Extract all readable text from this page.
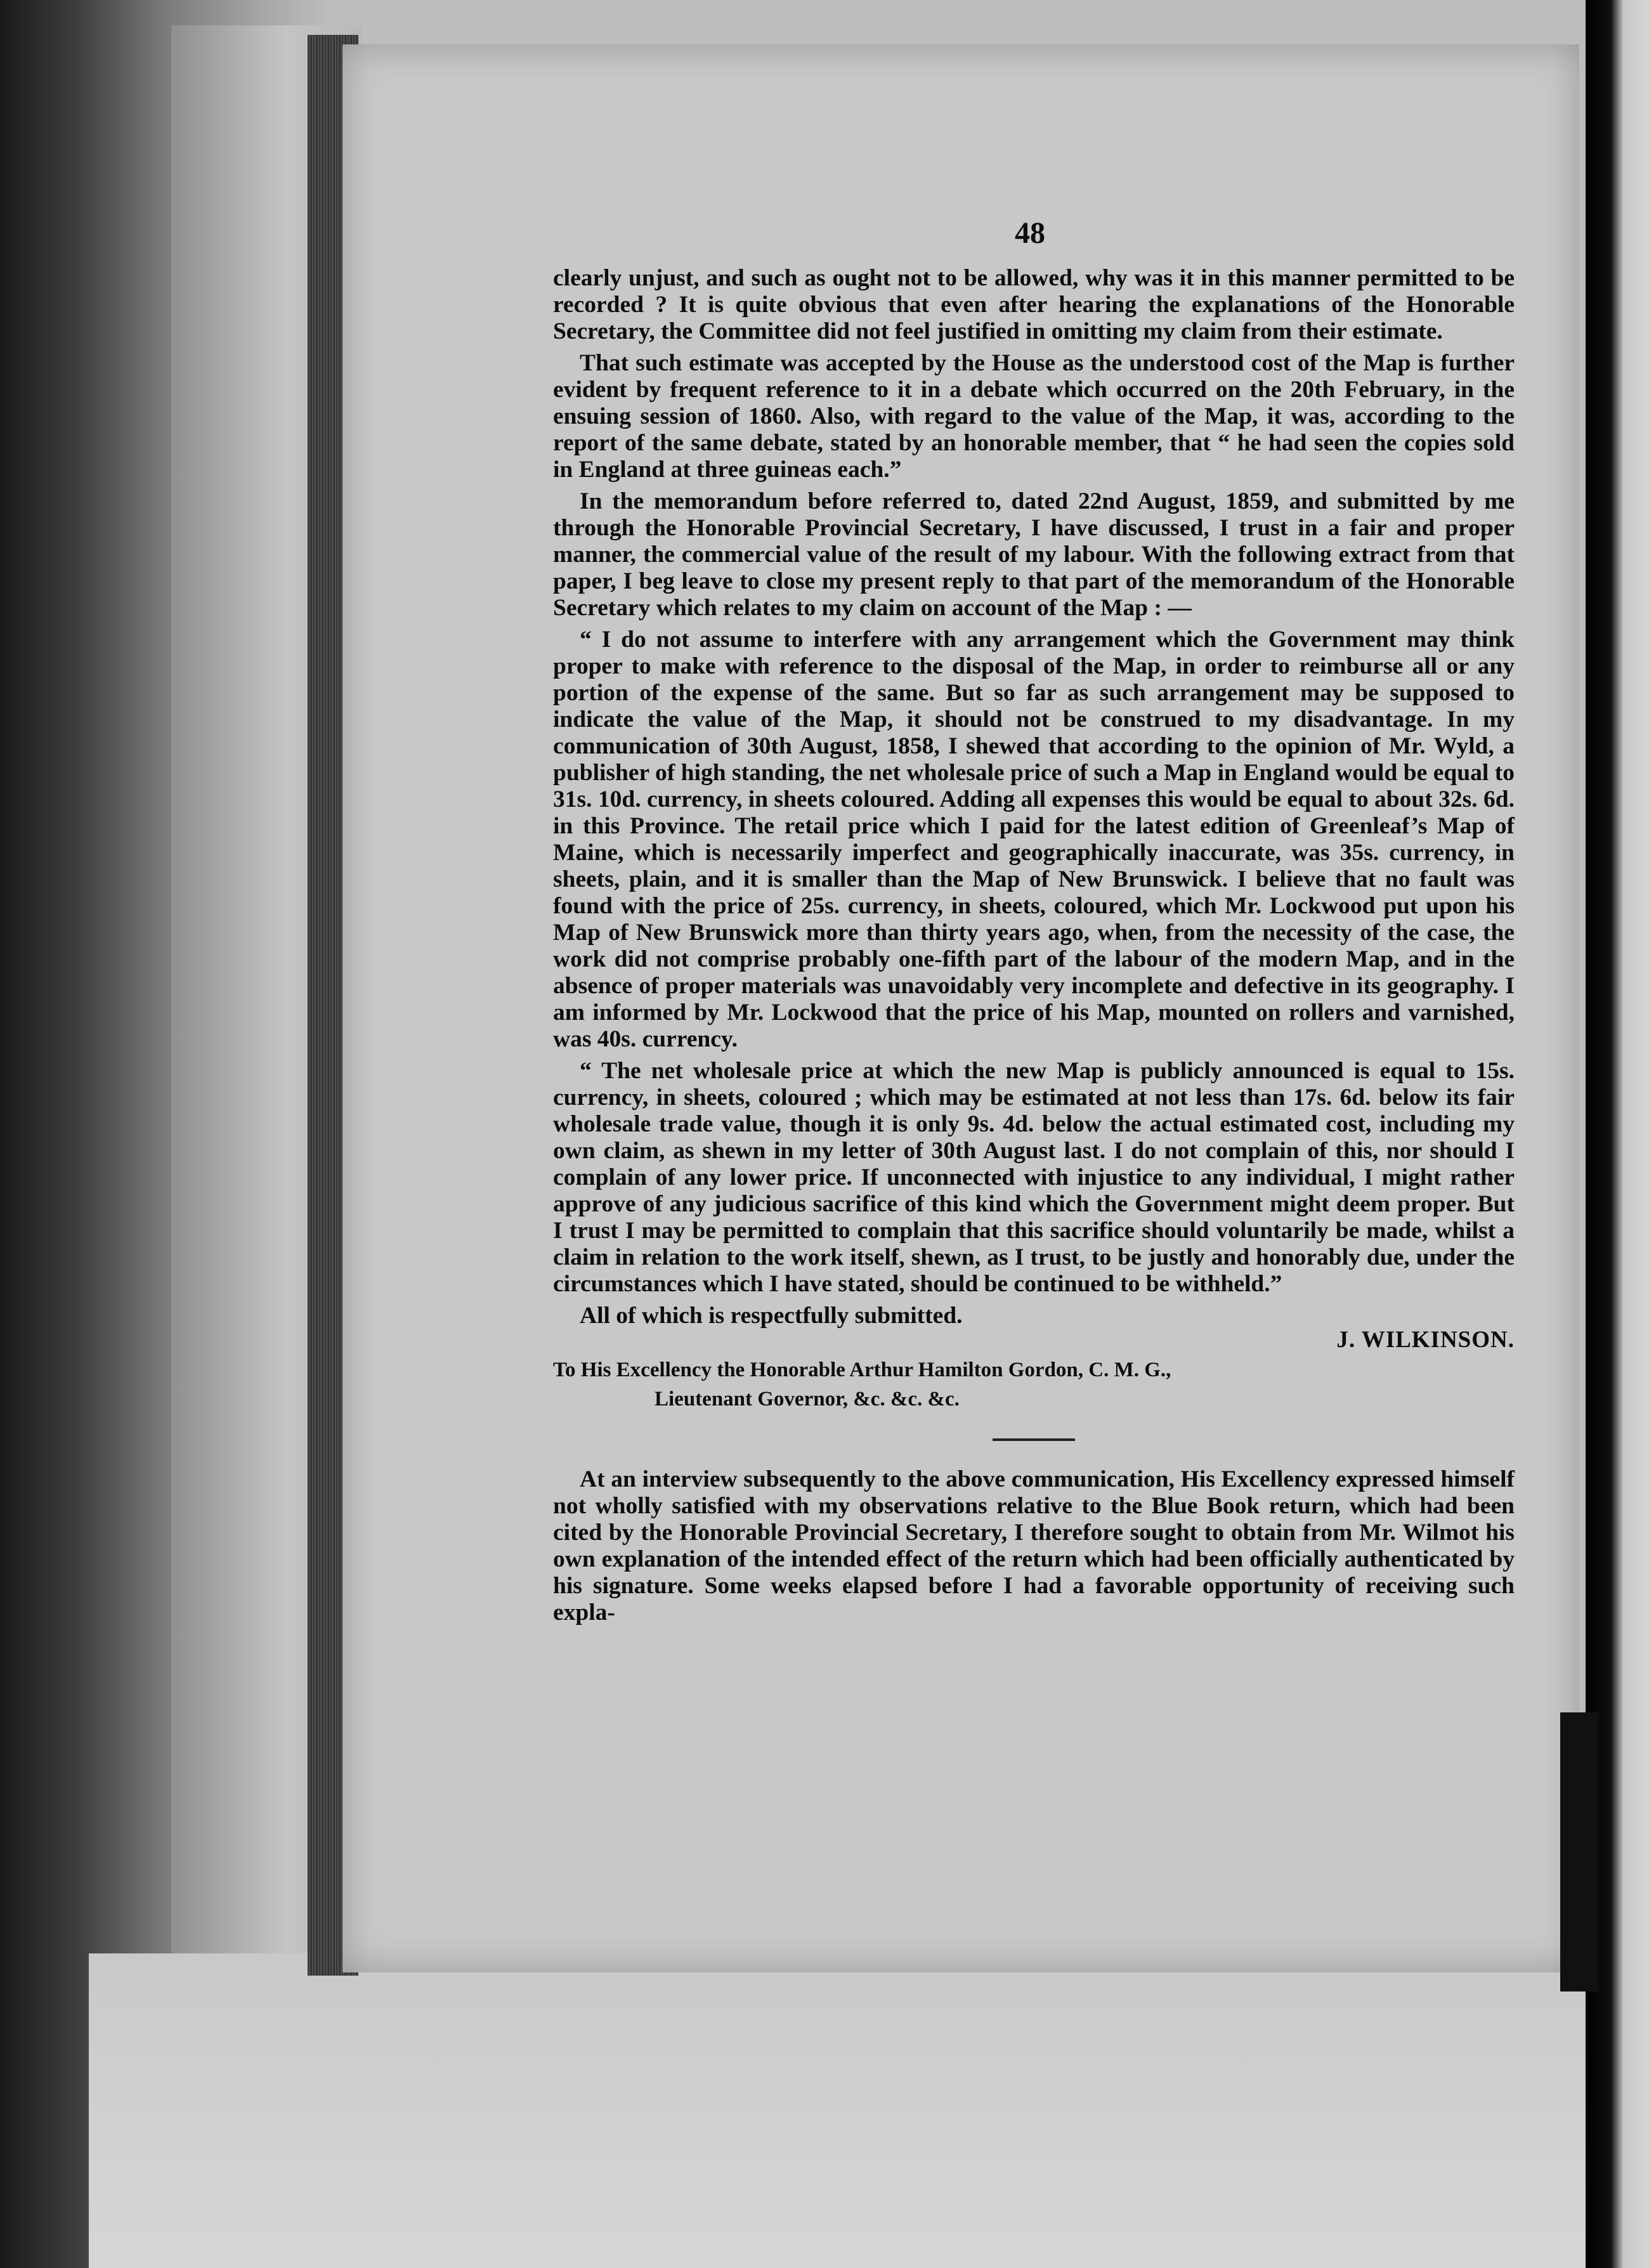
48

clearly unjust, and such as ought not to be allowed, why was it in this manner permitted to be recorded ? It is quite obvious that even after hearing the explanations of the Honorable Secretary, the Committee did not feel justified in omitting my claim from their estimate.

That such estimate was accepted by the House as the understood cost of the Map is further evident by frequent reference to it in a debate which occurred on the 20th February, in the ensuing session of 1860. Also, with regard to the value of the Map, it was, according to the report of the same debate, stated by an honorable member, that “ he had seen the copies sold in England at three guineas each.”

In the memorandum before referred to, dated 22nd August, 1859, and submitted by me through the Honorable Provincial Secretary, I have discussed, I trust in a fair and proper manner, the commercial value of the result of my labour. With the following extract from that paper, I beg leave to close my present reply to that part of the memorandum of the Honorable Secretary which relates to my claim on account of the Map : —

“ I do not assume to interfere with any arrangement which the Government may think proper to make with reference to the disposal of the Map, in order to reimburse all or any portion of the expense of the same. But so far as such arrangement may be supposed to indicate the value of the Map, it should not be construed to my disadvantage. In my communication of 30th August, 1858, I shewed that according to the opinion of Mr. Wyld, a publisher of high standing, the net wholesale price of such a Map in England would be equal to 31s. 10d. currency, in sheets coloured. Adding all expenses this would be equal to about 32s. 6d. in this Province. The retail price which I paid for the latest edition of Greenleaf’s Map of Maine, which is necessarily imperfect and geographically inaccurate, was 35s. currency, in sheets, plain, and it is smaller than the Map of New Brunswick. I believe that no fault was found with the price of 25s. currency, in sheets, coloured, which Mr. Lockwood put upon his Map of New Brunswick more than thirty years ago, when, from the necessity of the case, the work did not comprise probably one-fifth part of the labour of the modern Map, and in the absence of proper materials was unavoidably very incomplete and defective in its geography. I am informed by Mr. Lockwood that the price of his Map, mounted on rollers and varnished, was 40s. currency.

“ The net wholesale price at which the new Map is publicly announced is equal to 15s. currency, in sheets, coloured ; which may be estimated at not less than 17s. 6d. below its fair wholesale trade value, though it is only 9s. 4d. below the actual estimated cost, including my own claim, as shewn in my letter of 30th August last. I do not complain of this, nor should I complain of any lower price. If unconnected with injustice to any individual, I might rather approve of any judicious sacrifice of this kind which the Government might deem proper. But I trust I may be permitted to complain that this sacrifice should voluntarily be made, whilst a claim in relation to the work itself, shewn, as I trust, to be justly and honorably due, under the circumstances which I have stated, should be continued to be withheld.”

All of which is respectfully submitted.
J. WILKINSON.
To His Excellency the Honorable Arthur Hamilton Gordon, C. M. G.,
Lieutenant Governor, &c. &c. &c.

At an interview subsequently to the above communication, His Excellency expressed himself not wholly satisfied with my observations relative to the Blue Book return, which had been cited by the Honorable Provincial Secretary, I therefore sought to obtain from Mr. Wilmot his own explanation of the intended effect of the return which had been officially authenticated by his signature. Some weeks elapsed before I had a favorable opportunity of receiving such expla-
